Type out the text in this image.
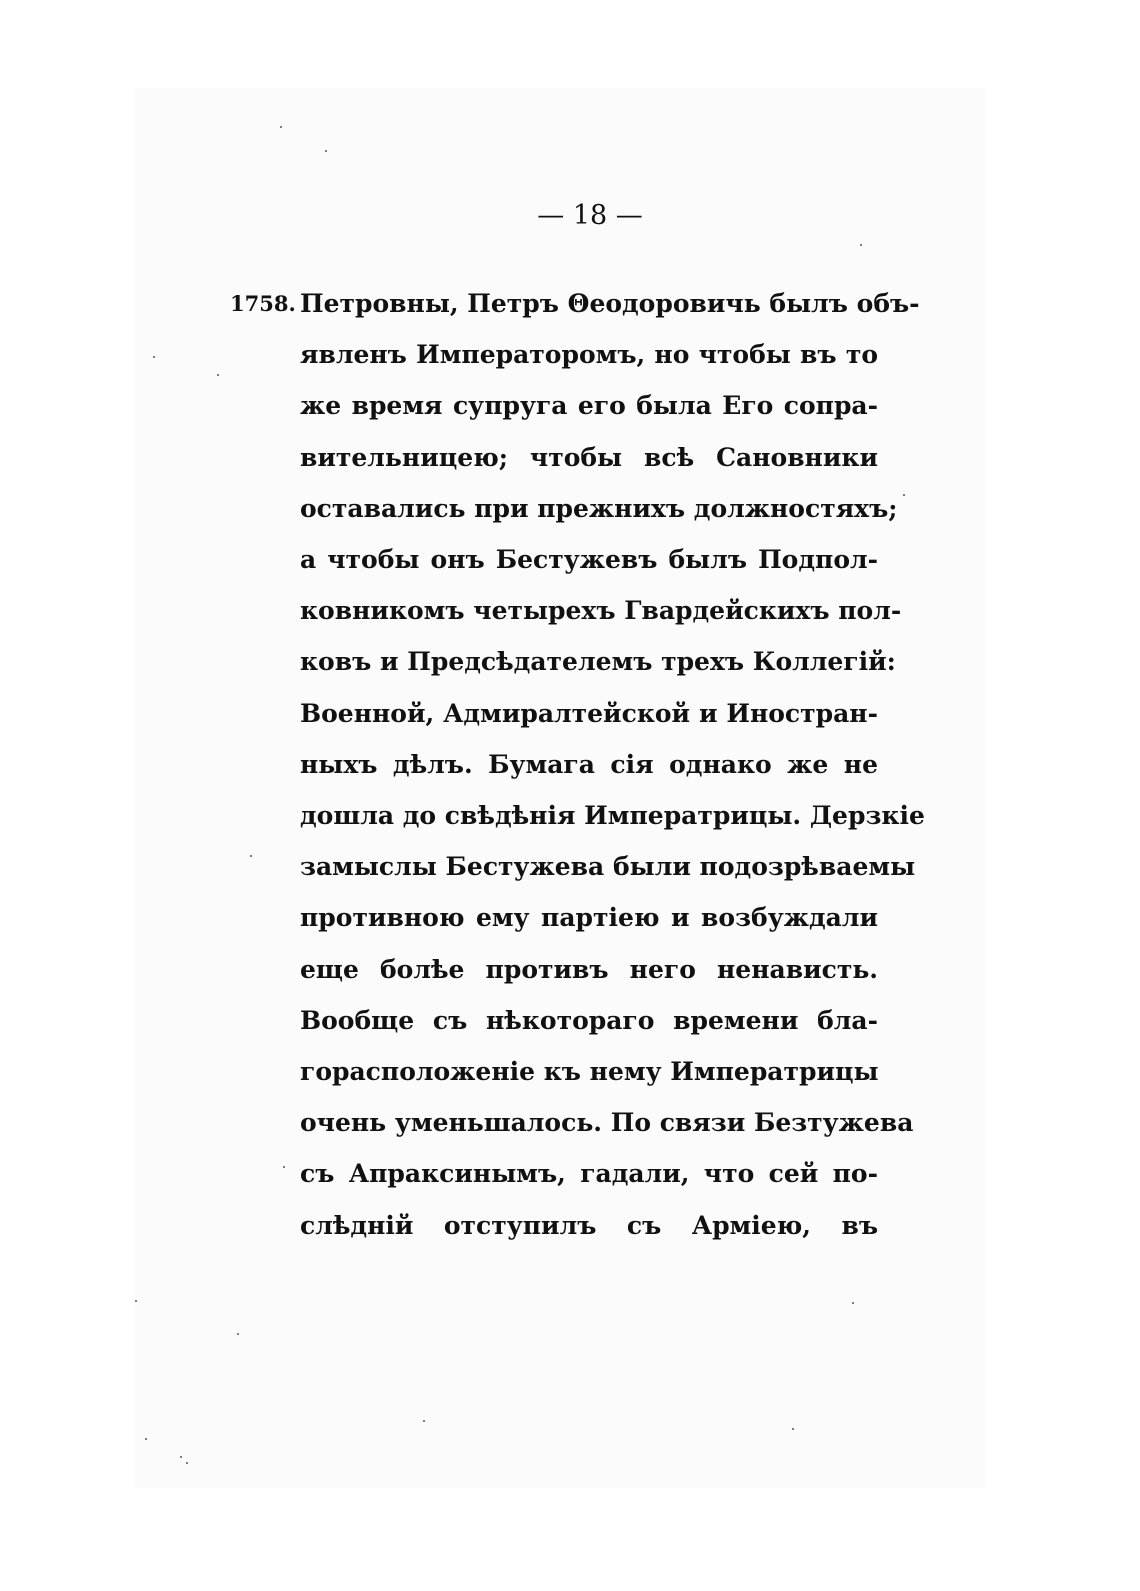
— 18 —
1758. Петровны, Петръ Θеодоровичь былъ объ-
явленъ Императоромъ, но чтобы въ то
же время супруга его была Его сопра-
вительницею; чтобы всѣ Сановники
оставались при прежнихъ должностяхъ;
а чтобы онъ Бестужевъ былъ Подпол-
ковникомъ четырехъ Гвардейскихъ пол-
ковъ и Предсѣдателемъ трехъ Коллегій:
Военной, Адмиралтейской и Иностран-
ныхъ дѣлъ. Бумага сія однако же не
дошла до свѣдѣнія Императрицы. Дерзкіе
замыслы Бестужева были подозрѣваемы
противною ему партіею и возбуждали
еще болѣе противъ него ненависть.
Вообще съ нѣкотораго времени бла-
горасположеніе къ нему Императрицы
очень уменьшалось. По связи Безтужева
съ Апраксинымъ, гадали, что сей по-
слѣдній отступилъ съ Арміею, въ
